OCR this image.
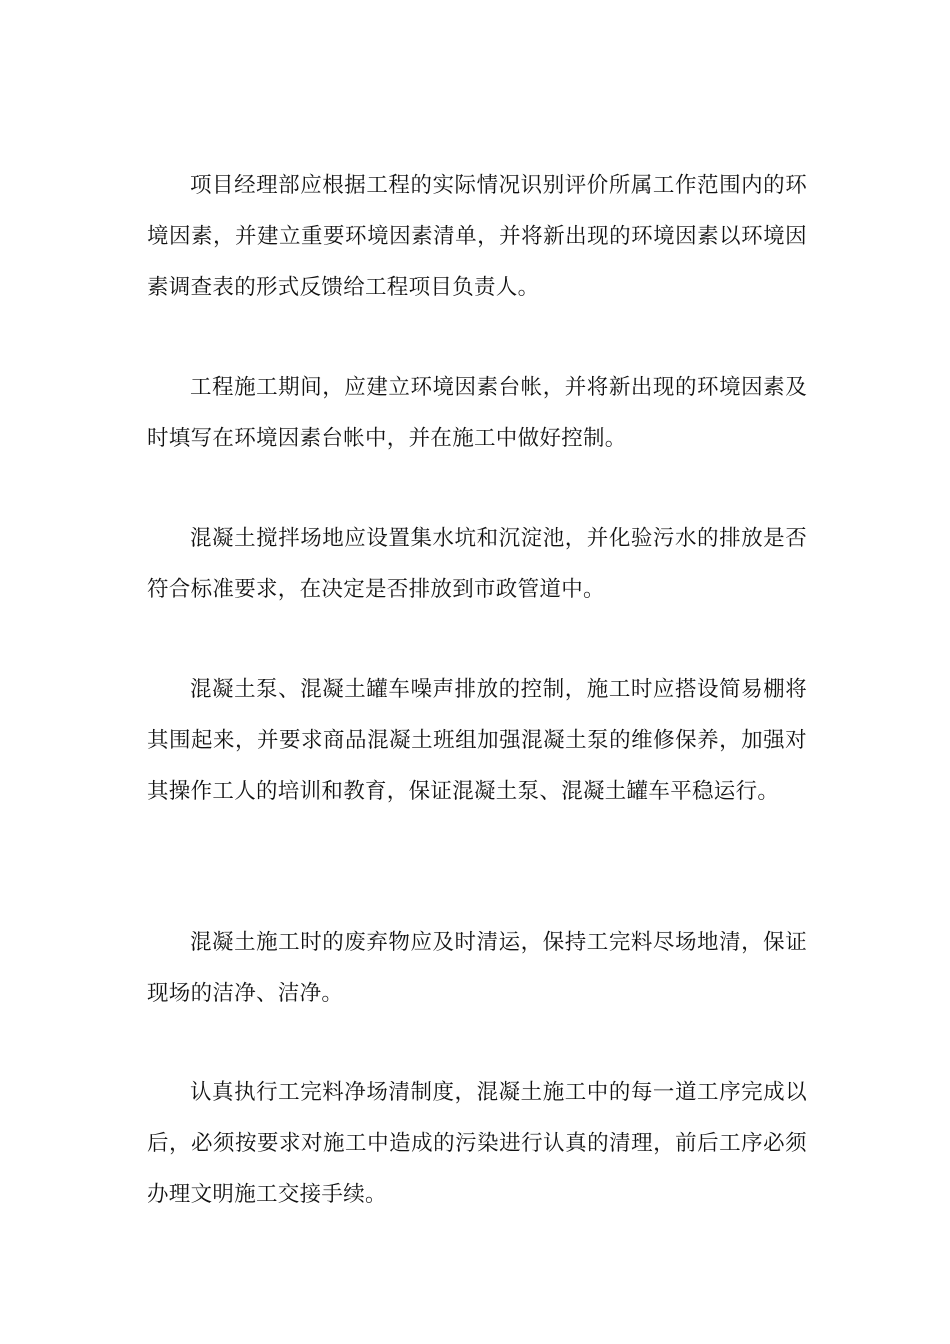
项目经理部应根据工程的实际情况识别评价所属工作范围内的环境因素，并建立重要环境因素清单，并将新出现的环境因素以环境因素调查表的形式反馈给工程项目负责人。

工程施工期间，应建立环境因素台帐，并将新出现的环境因素及时填写在环境因素台帐中，并在施工中做好控制。

混凝土搅拌场地应设置集水坑和沉淀池，并化验污水的排放是否符合标准要求，在决定是否排放到市政管道中。

混凝土泵、混凝土罐车噪声排放的控制，施工时应搭设简易棚将其围起来，并要求商品混凝土班组加强混凝土泵的维修保养，加强对其操作工人的培训和教育，保证混凝土泵、混凝土罐车平稳运行。

混凝土施工时的废弃物应及时清运，保持工完料尽场地清，保证现场的洁净、洁净。

认真执行工完料净场清制度，混凝土施工中的每一道工序完成以后，必须按要求对施工中造成的污染进行认真的清理，前后工序必须办理文明施工交接手续。
